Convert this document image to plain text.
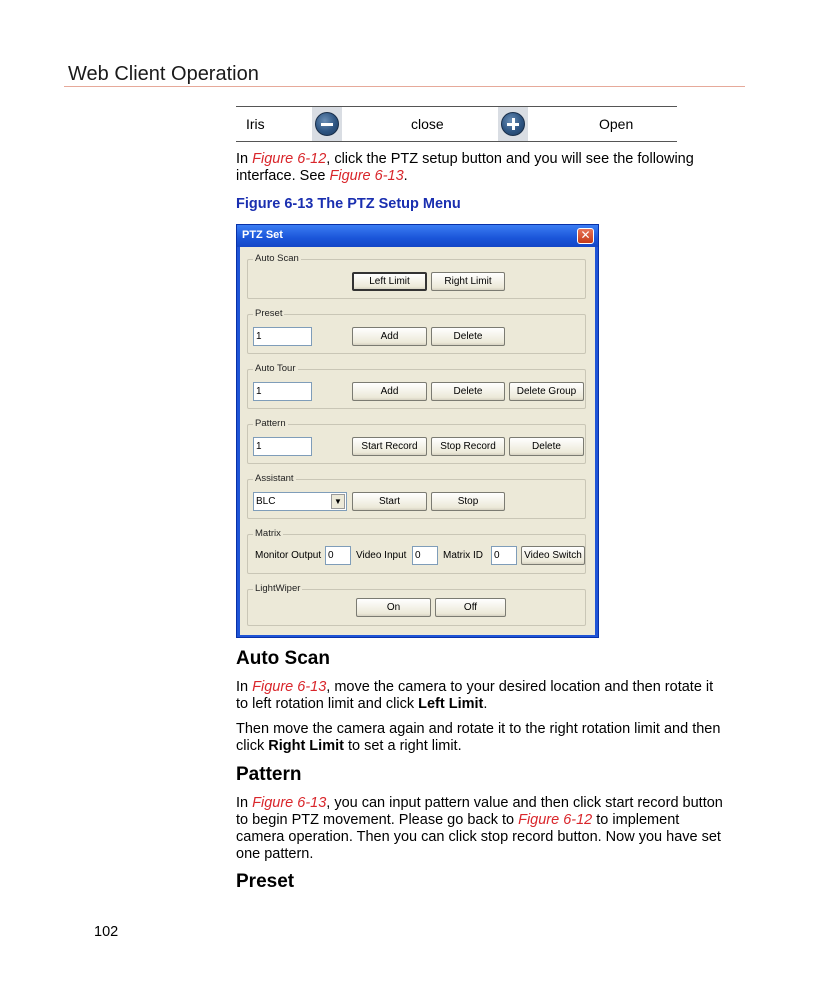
Web Client Operation
Iris	close	Open
In Figure 6-12, click the PTZ setup button and you will see the following interface. See Figure 6-13.
Figure 6-13 The PTZ Setup Menu
PTZ Set	✕
Auto Scan
Left Limit	Right Limit
Preset
1	Add	Delete
Auto Tour
1	Add	Delete	Delete Group
Pattern
1	Start Record	Stop Record	Delete
Assistant
BLC	▼	Start	Stop
Matrix
Monitor Output 0	Video Input 0	Matrix ID	0	Video Switch
LightWiper
On	Off
Auto Scan
In Figure 6-13, move the camera to your desired location and then rotate it to left rotation limit and click Left Limit.
Then move the camera again and rotate it to the right rotation limit and then click Right Limit to set a right limit.
Pattern
In Figure 6-13, you can input pattern value and then click start record button to begin PTZ movement. Please go back to Figure 6-12 to implement camera operation. Then you can click stop record button. Now you have set one pattern.
Preset
102
